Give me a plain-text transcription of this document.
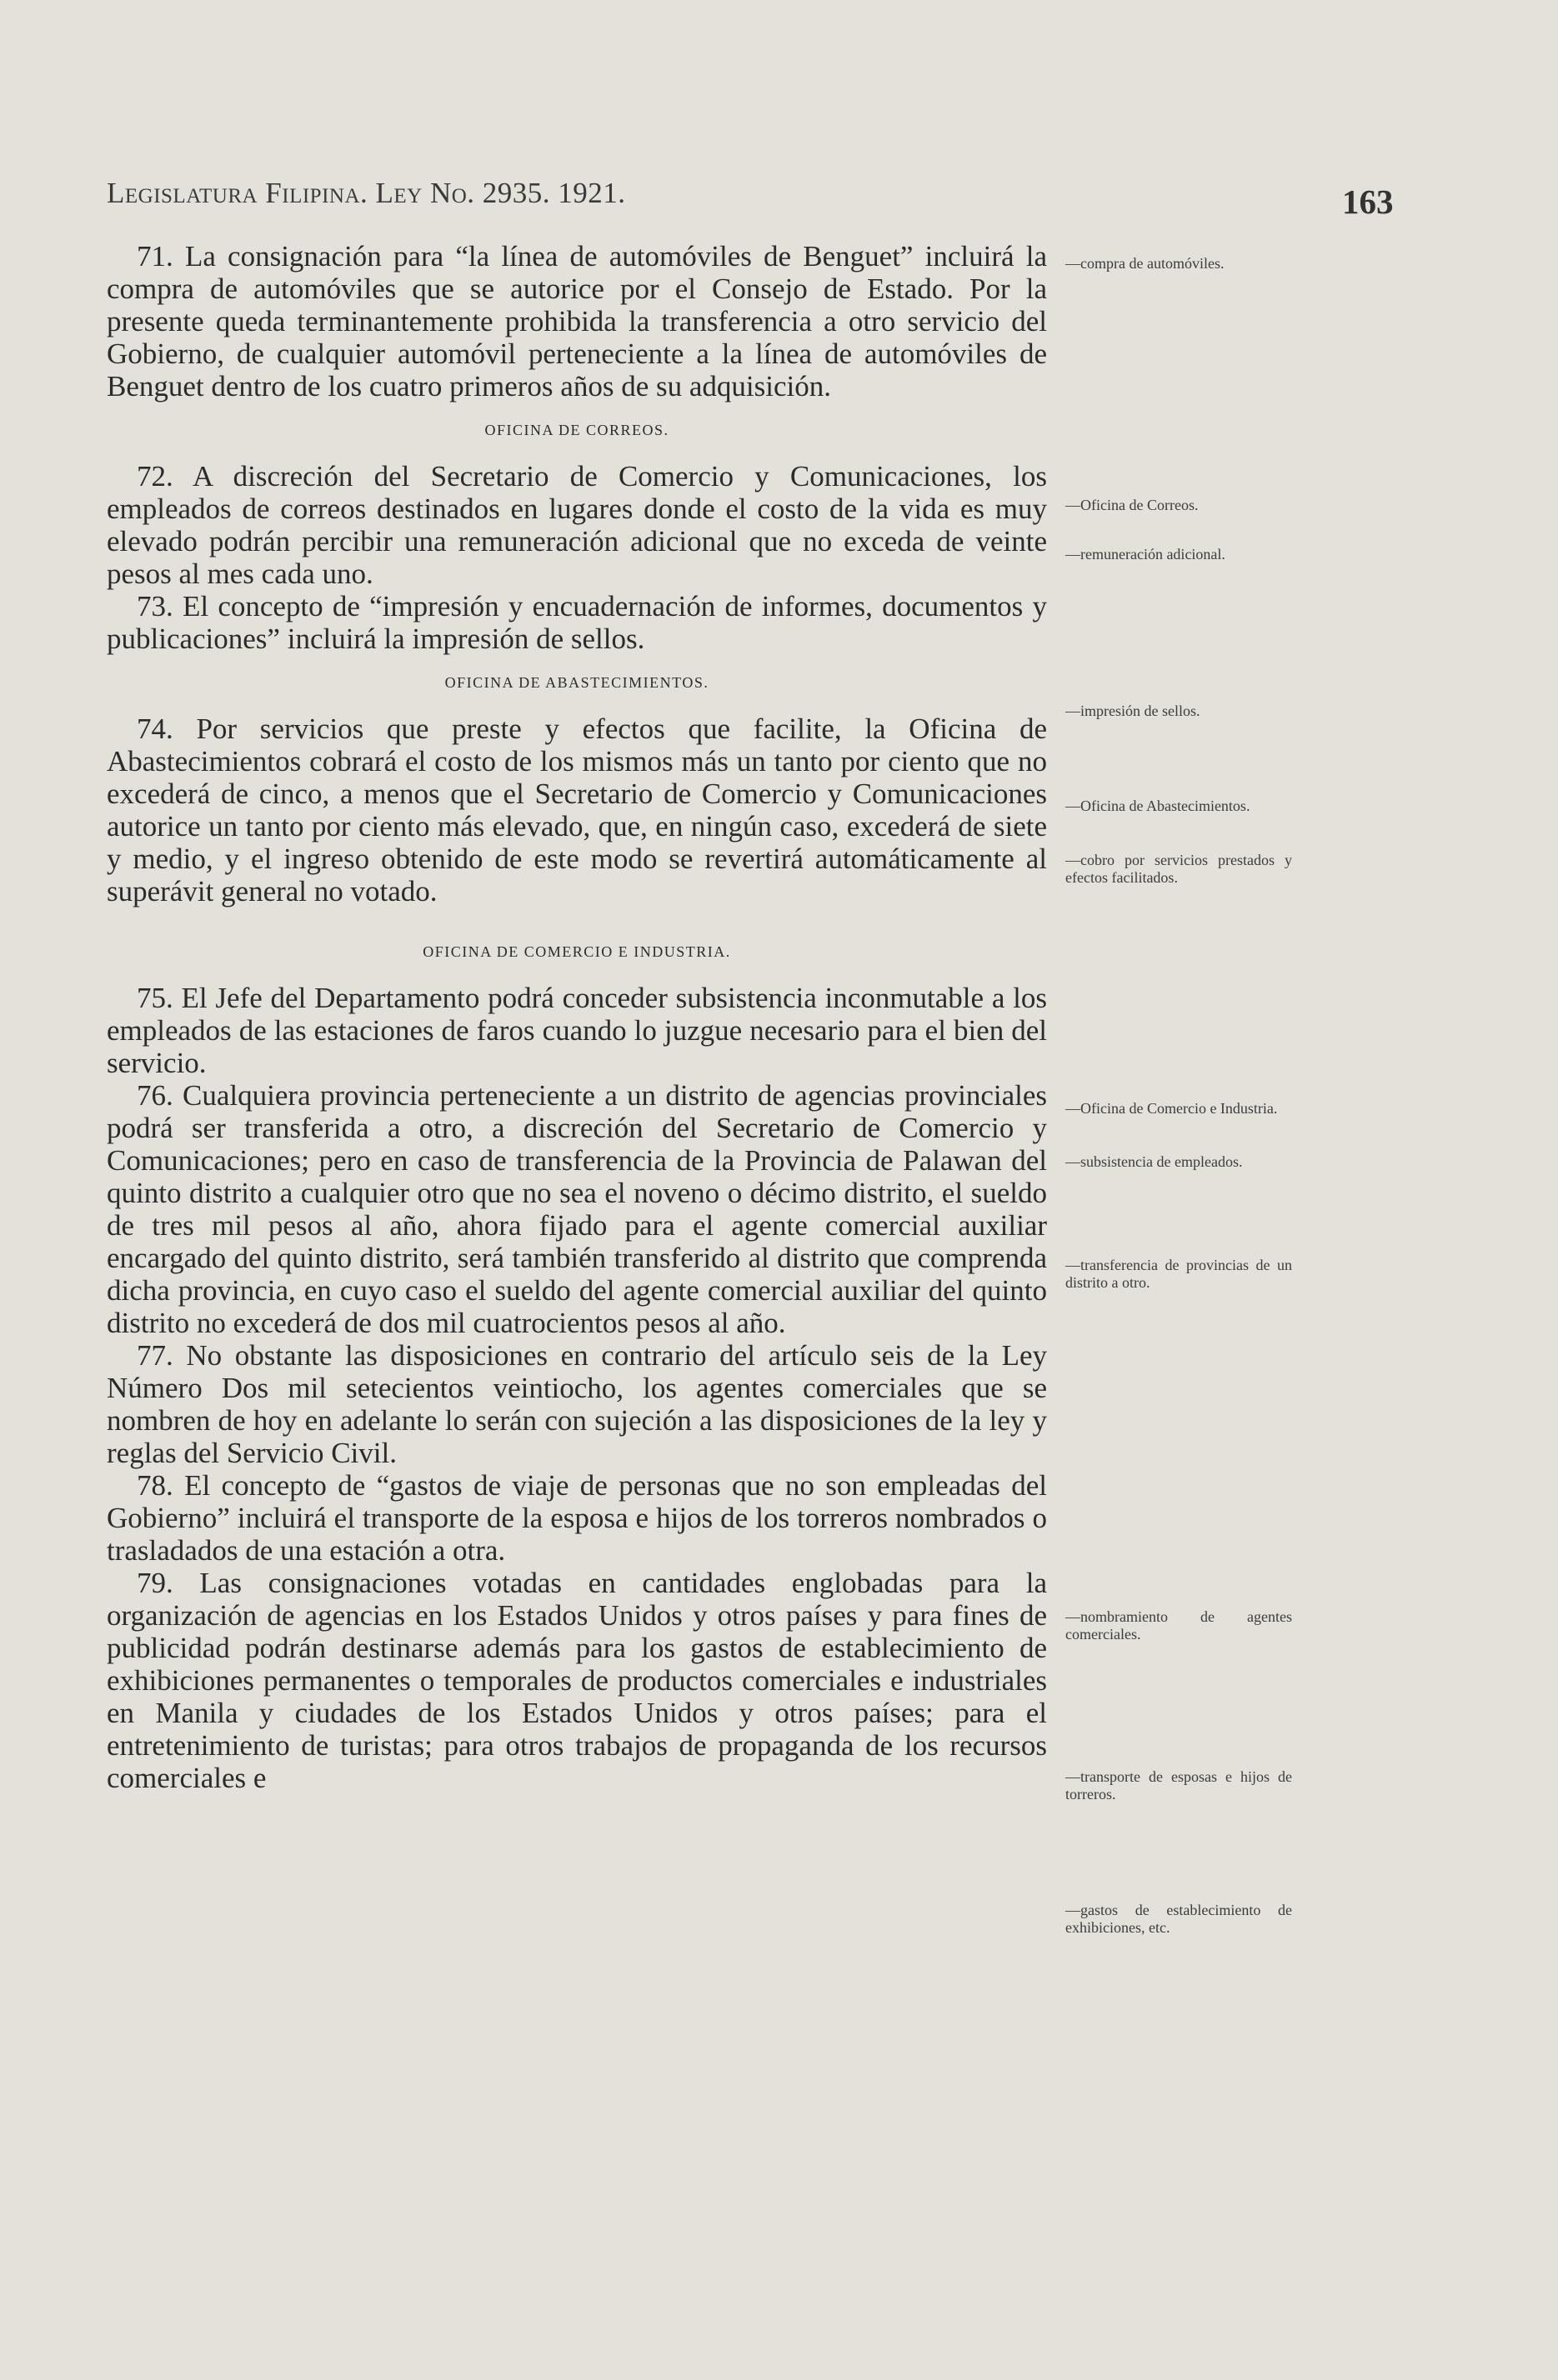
Legislatura Filipina. Ley No. 2935. 1921.	163

71. La consignación para “la línea de automóviles de Benguet” incluirá la compra de automóviles que se autorice por el Consejo de Estado. Por la presente queda terminantemente prohibida la transferencia a otro servicio del Gobierno, de cualquier automóvil perteneciente a la línea de automóviles de Benguet dentro de los cuatro primeros años de su adquisición.

OFICINA DE CORREOS.

72. A discreción del Secretario de Comercio y Comunicaciones, los empleados de correos destinados en lugares donde el costo de la vida es muy elevado podrán percibir una remuneración adicional que no exceda de veinte pesos al mes cada uno.

73. El concepto de “impresión y encuadernación de informes, documentos y publicaciones” incluirá la impresión de sellos.

OFICINA DE ABASTECIMIENTOS.

74. Por servicios que preste y efectos que facilite, la Oficina de Abastecimientos cobrará el costo de los mismos más un tanto por ciento que no excederá de cinco, a menos que el Secretario de Comercio y Comunicaciones autorice un tanto por ciento más elevado, que, en ningún caso, excederá de siete y medio, y el ingreso obtenido de este modo se revertirá automáticamente al superávit general no votado.

OFICINA DE COMERCIO E INDUSTRIA.

75. El Jefe del Departamento podrá conceder subsistencia inconmutable a los empleados de las estaciones de faros cuando lo juzgue necesario para el bien del servicio.

76. Cualquiera provincia perteneciente a un distrito de agencias provinciales podrá ser transferida a otro, a discreción del Secretario de Comercio y Comunicaciones; pero en caso de transferencia de la Provincia de Palawan del quinto distrito a cualquier otro que no sea el noveno o décimo distrito, el sueldo de tres mil pesos al año, ahora fijado para el agente comercial auxiliar encargado del quinto distrito, será también transferido al distrito que comprenda dicha provincia, en cuyo caso el sueldo del agente comercial auxiliar del quinto distrito no excederá de dos mil cuatrocientos pesos al año.

77. No obstante las disposiciones en contrario del artículo seis de la Ley Número Dos mil setecientos veintiocho, los agentes comerciales que se nombren de hoy en adelante lo serán con sujeción a las disposiciones de la ley y reglas del Servicio Civil.

78. El concepto de “gastos de viaje de personas que no son empleadas del Gobierno” incluirá el transporte de la esposa e hijos de los torreros nombrados o trasladados de una estación a otra.

79. Las consignaciones votadas en cantidades englobadas para la organización de agencias en los Estados Unidos y otros países y para fines de publicidad podrán destinarse además para los gastos de establecimiento de exhibiciones permanentes o temporales de productos comerciales e industriales en Manila y ciudades de los Estados Unidos y otros países; para el entretenimiento de turistas; para otros trabajos de propaganda de los recursos comerciales e

—compra de automóviles.
—Oficina de Correos.
—remuneración adicional.
—impresión de sellos.
—Oficina de Abastecimientos.
—cobro por servicios prestados y efectos facilitados.
—Oficina de Comercio e Industria.
—subsistencia de empleados.
—transferencia de provincias de un distrito a otro.
—nombramiento de agentes comerciales.
—transporte de esposas e hijos de torreros.
—gastos de establecimiento de exhibiciones, etc.
